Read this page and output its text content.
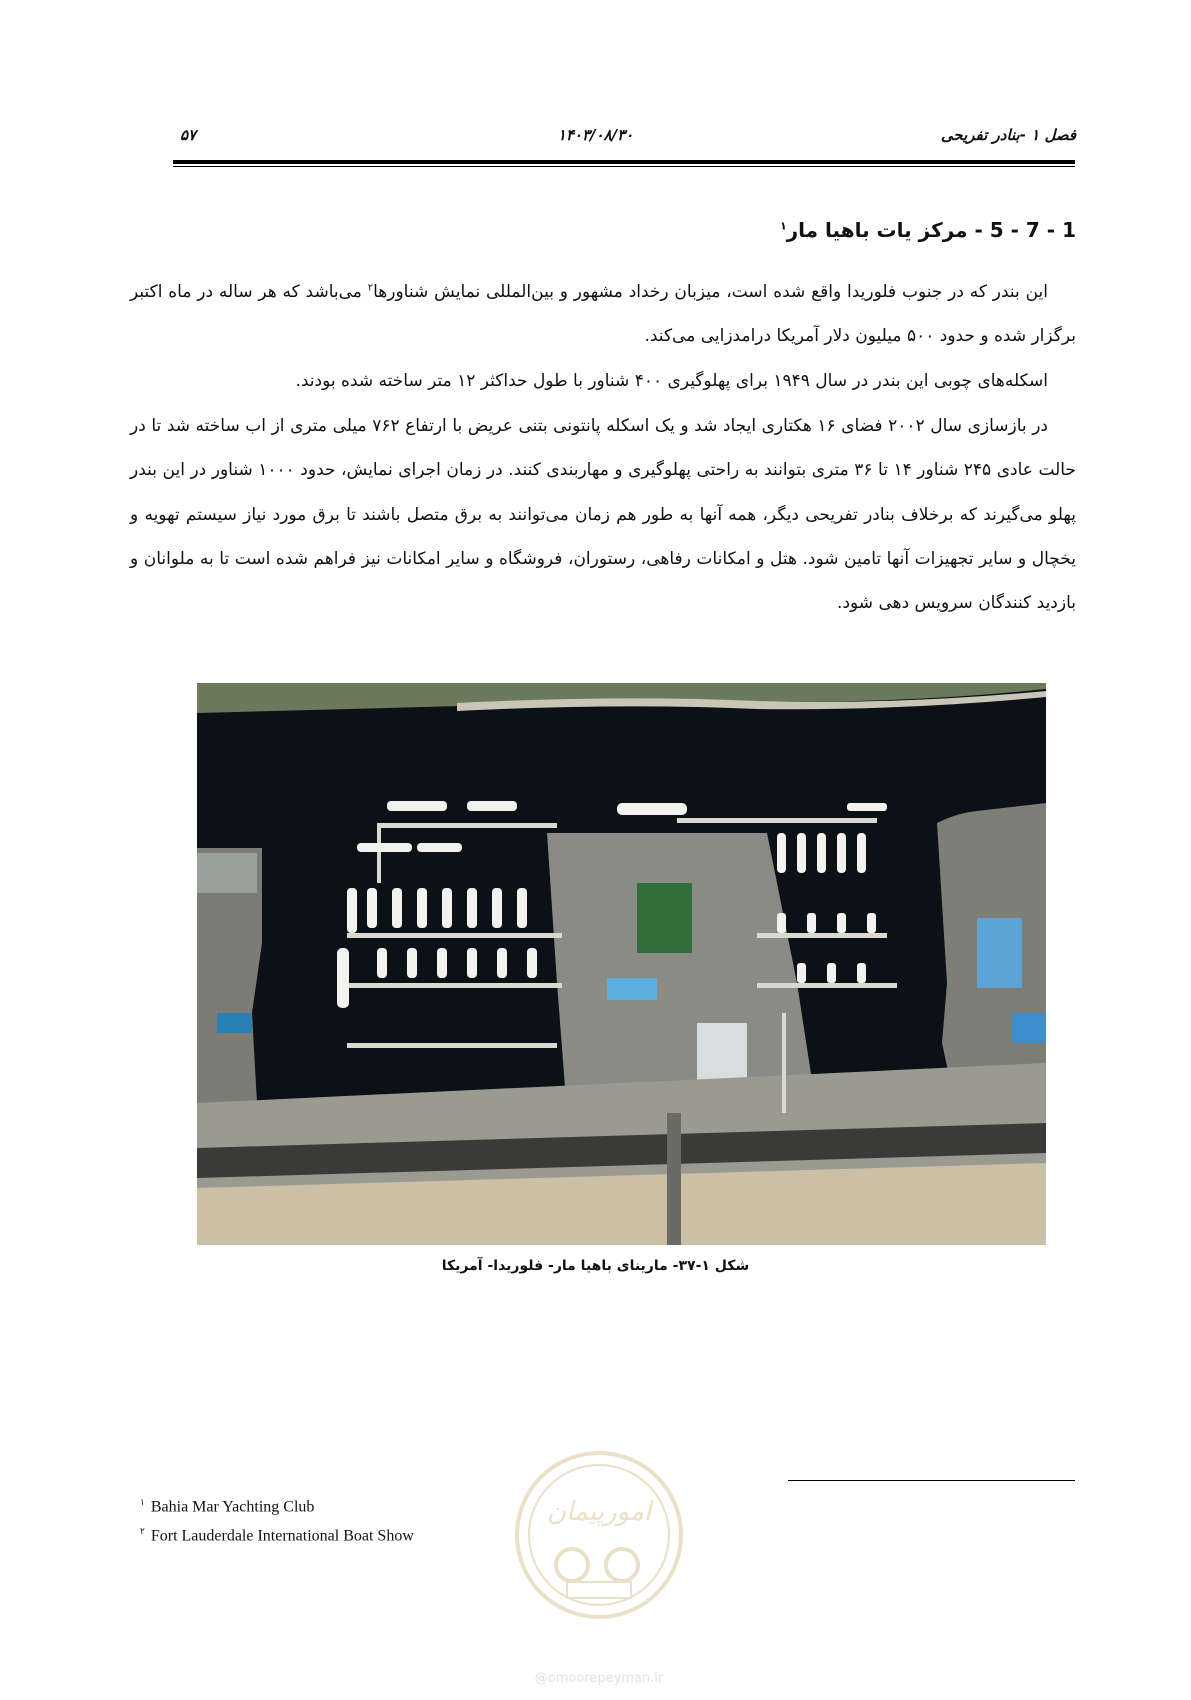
فصل ۱ -بنادر تفریحی
۱۴۰۳/۰۸/۳۰
۵۷
1 - 7 - 5 - مرکز یات باهیا مار$^۱$
این بندر که در جنوب فلوریدا واقع شده است، میزبان رخداد مشهور و بین‌المللی نمایش شناورها$^۲$ می‌باشد که هر ساله در ماه اکتبر برگزار شده و حدود ۵۰۰ میلیون دلار آمریکا درامدزایی می‌کند.
اسکله‌های چوبی این بندر در سال ۱۹۴۹ برای پهلوگیری ۴۰۰ شناور با طول حداکثر ۱۲ متر ساخته شده بودند.
در بازسازی سال ۲۰۰۲ فضای ۱۶ هکتاری ایجاد شد و یک اسکله پانتونی بتنی عریض با ارتفاع ۷۶۲ میلی متری از اب ساخته شد تا در حالت عادی ۲۴۵ شناور ۱۴ تا ۳۶ متری بتوانند به راحتی پهلوگیری و مهاربندی کنند. در زمان اجرای نمایش، حدود ۱۰۰۰ شناور در این بندر پهلو می‌گیرند که برخلاف بنادر تفریحی دیگر، همه آنها به طور هم زمان می‌توانند به برق متصل باشند تا برق مورد نیاز سیستم تهویه و یخچال و سایر تجهیزات آنها تامین شود. هتل و امکانات رفاهی، رستوران، فروشگاه و سایر امکانات نیز فراهم شده است تا به ملوانان و بازدید کنندگان سرویس دهی شود.
شکل ۱-۳۷- مارینای باهیا مار- فلوریدا- آمریکا
$^۱$ Bahia Mar Yachting Club
$^۲$ Fort Lauderdale International Boat Show
امورپیمان
@omoorepeyman.ir
